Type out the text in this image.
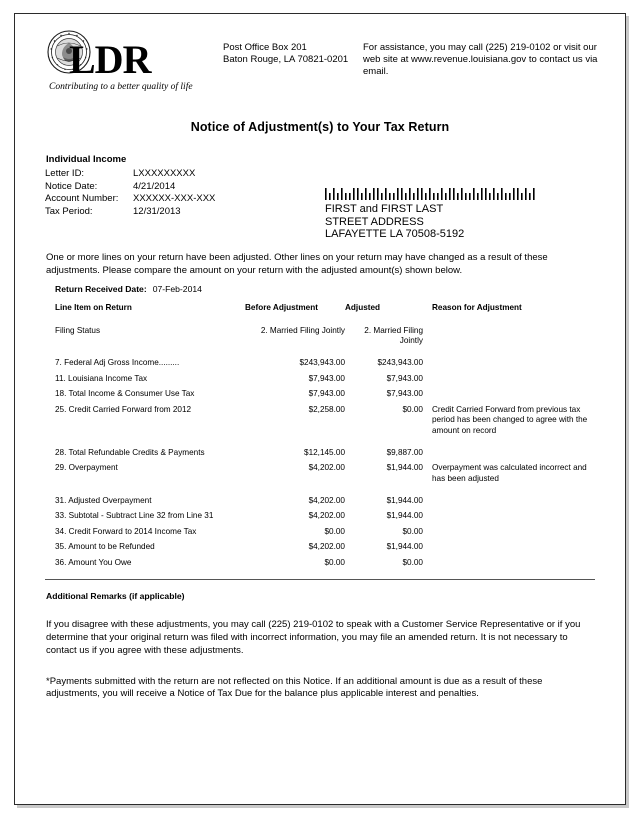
LDR
Contributing to a better quality of life
Post Office Box 201
Baton Rouge, LA 70821-0201
For assistance, you may call (225) 219-0102 or visit our web site at www.revenue.louisiana.gov to contact us via email.
Notice of Adjustment(s) to Your Tax Return
Individual Income
Letter ID:	LXXXXXXXXX
Notice Date:	4/21/2014
Account Number: XXXXXX-XXX-XXX
Tax Period:	12/31/2013	FIRST and FIRST LAST
STREET ADDRESS
LAFAYETTE LA 70508-5192

One or more lines on your return have been adjusted. Other lines on your return may have changed as a result of these adjustments. Please compare the amount on your return with the adjusted amount(s) shown below.

Return Received Date: 07-Feb-2014
Line Item on Return	Before Adjustment	Adjusted	Reason for Adjustment
Filing Status	2. Married Filing Jointly	2. Married Filing Jointly	
7. Federal Adj Gross Income.........	$243,943.00	$243,943.00	
11. Louisiana Income Tax	$7,943.00	$7,943.00	
18. Total Income & Consumer Use Tax	$7,943.00	$7,943.00	
25. Credit Carried Forward from 2012	$2,258.00	$0.00	Credit Carried Forward from previous tax period has been changed to agree with the amount on record
28. Total Refundable Credits & Payments	$12,145.00	$9,887.00	
29. Overpayment	$4,202.00	$1,944.00	Overpayment was calculated incorrect and has been adjusted
31. Adjusted Overpayment	$4,202.00	$1,944.00	
33. Subtotal - Subtract Line 32 from Line 31	$4,202.00	$1,944.00	
34. Credit Forward to 2014 Income Tax	$0.00	$0.00	
35. Amount to be Refunded	$4,202.00	$1,944.00	
36. Amount You Owe	$0.00	$0.00	

Additional Remarks (if applicable)

If you disagree with these adjustments, you may call (225) 219-0102 to speak with a Customer Service Representative or if you determine that your original return was filed with incorrect information, you may file an amended return. It is not necessary to contact us if you agree with these adjustments.

*Payments submitted with the return are not reflected on this Notice. If an additional amount is due as a result of these adjustments, you will receive a Notice of Tax Due for the balance plus applicable interest and penalties.
